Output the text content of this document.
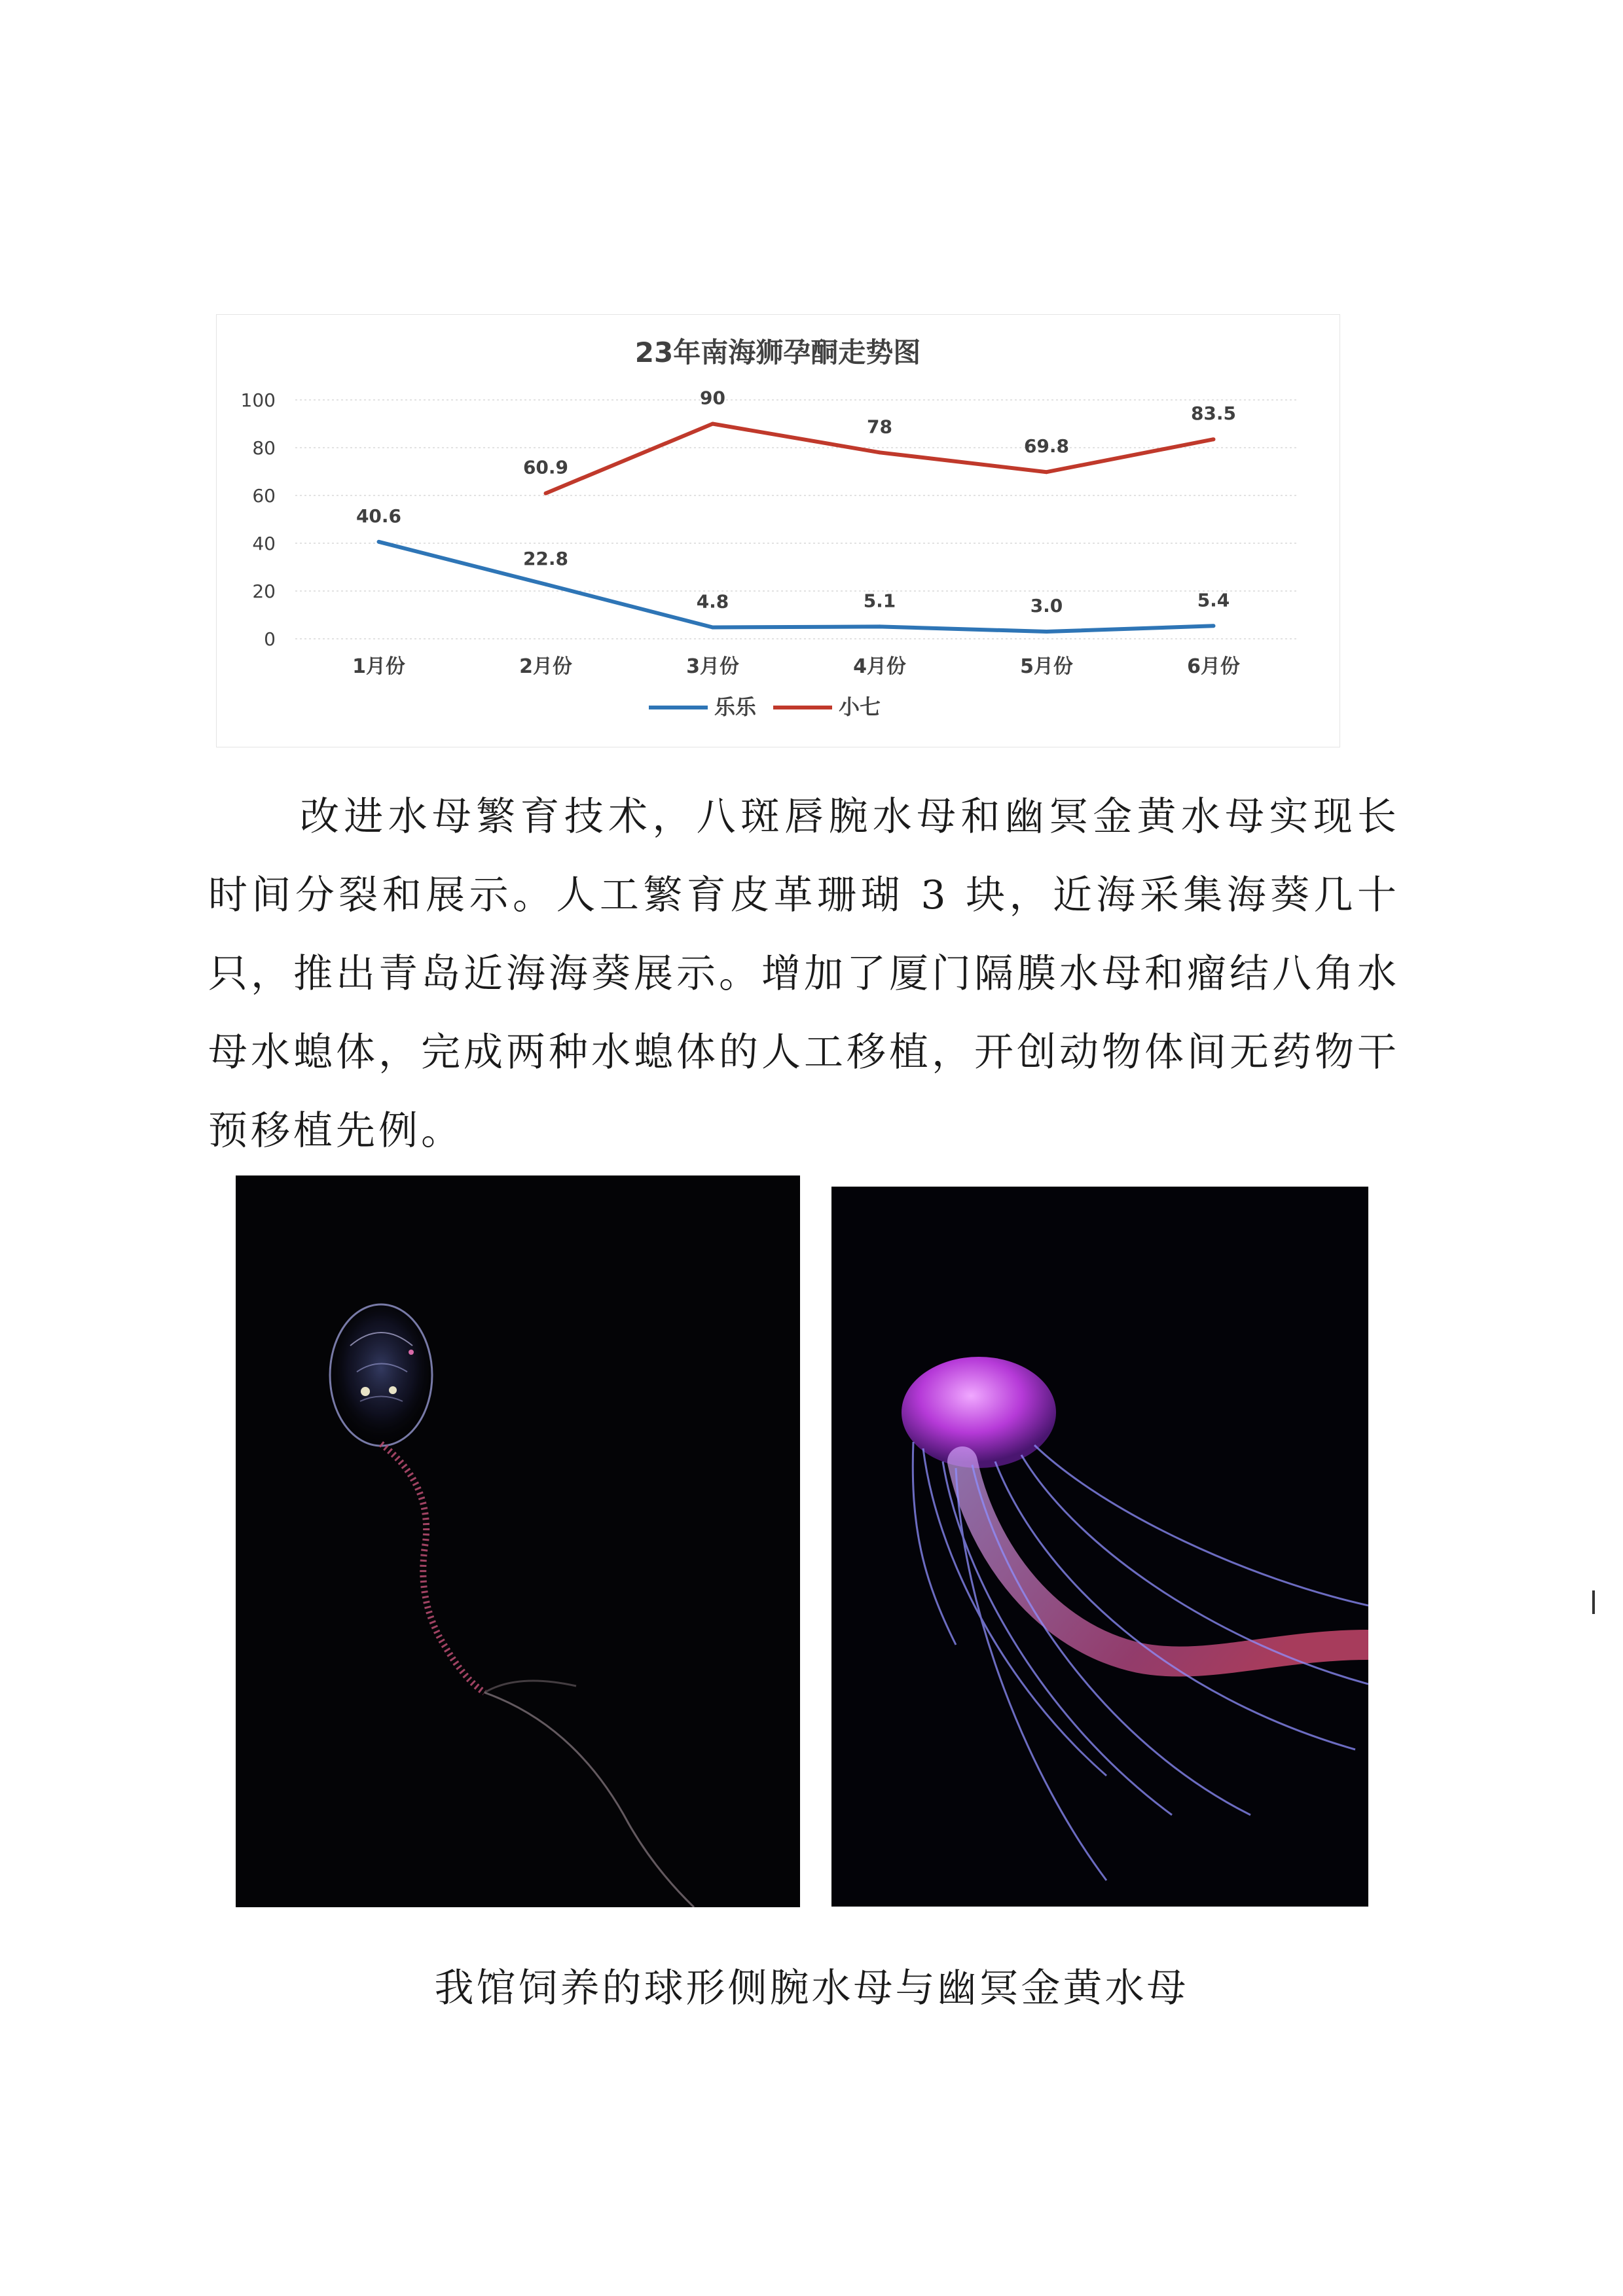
23年南海狮孕酮走势图
0
20
40
60
80
100
1月份	2月份	3月份	4月份	5月份	6月份
40.6
22.8
4.8	5.1	3.0	5.4
60.9
90
78
69.8
83.5
乐乐	小七
改进水母繁育技术，八斑唇腕水母和幽冥金黄水母实现长时间分裂和展示。人工繁育皮革珊瑚 3 块，近海采集海葵几十只，推出青岛近海海葵展示。增加了厦门隔膜水母和瘤结八角水母水螅体，完成两种水螅体的人工移植，开创动物体间无药物干预移植先例。
我馆饲养的球形侧腕水母与幽冥金黄水母
